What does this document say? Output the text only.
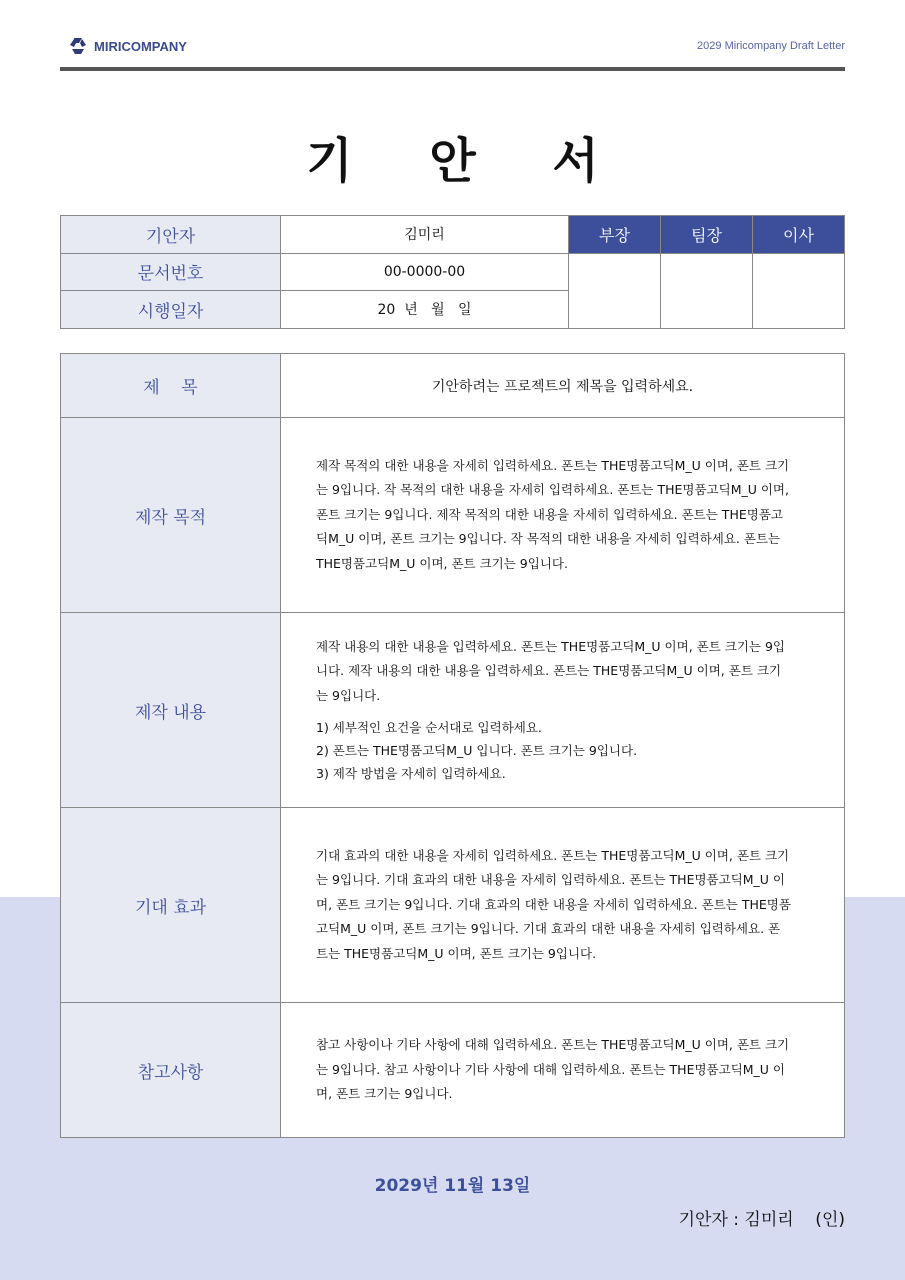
MIRICOMPANY	2029 Miricompany Draft Letter
기 안 서
기안자	김미리	부장	팀장	이사
문서번호	00-0000-00			
시행일자	20  년   월   일			
제    목	기안하려는 프로젝트의 제목을 입력하세요.
제작 목적	제작 목적의 대한 내용을 자세히 입력하세요. 폰트는 THE명품고딕M_U 이며, 폰트 크기는 9입니다. 작 목적의 대한 내용을 자세히 입력하세요. 폰트는 THE명품고딕M_U 이며, 폰트 크기는 9입니다. 제작 목적의 대한 내용을 자세히 입력하세요. 폰트는 THE명품고딕M_U 이며, 폰트 크기는 9입니다. 작 목적의 대한 내용을 자세히 입력하세요. 폰트는 THE명품고딕M_U 이며, 폰트 크기는 9입니다.
제작 내용	제작 내용의 대한 내용을 입력하세요. 폰트는 THE명품고딕M_U 이며, 폰트 크기는 9입니다. 제작 내용의 대한 내용을 입력하세요. 폰트는 THE명품고딕M_U 이며, 폰트 크기는 9입니다.
1) 세부적인 요건을 순서대로 입력하세요.
2) 폰트는 THE명품고딕M_U 입니다. 폰트 크기는 9입니다.
3) 제작 방법을 자세히 입력하세요.

기대 효과	기대 효과의 대한 내용을 자세히 입력하세요. 폰트는 THE명품고딕M_U 이며, 폰트 크기는 9입니다. 기대 효과의 대한 내용을 자세히 입력하세요. 폰트는 THE명품고딕M_U 이며, 폰트 크기는 9입니다. 기대 효과의 대한 내용을 자세히 입력하세요. 폰트는 THE명품고딕M_U 이며, 폰트 크기는 9입니다. 기대 효과의 대한 내용을 자세히 입력하세요. 폰트는 THE명품고딕M_U 이며, 폰트 크기는 9입니다.
참고사항	참고 사항이나 기타 사항에 대해 입력하세요. 폰트는 THE명품고딕M_U 이며, 폰트 크기는 9입니다. 참고 사항이나 기타 사항에 대해 입력하세요. 폰트는 THE명품고딕M_U 이며, 폰트 크기는 9입니다.
2029년 11월 13일
기안자 : 김미리    (인)
